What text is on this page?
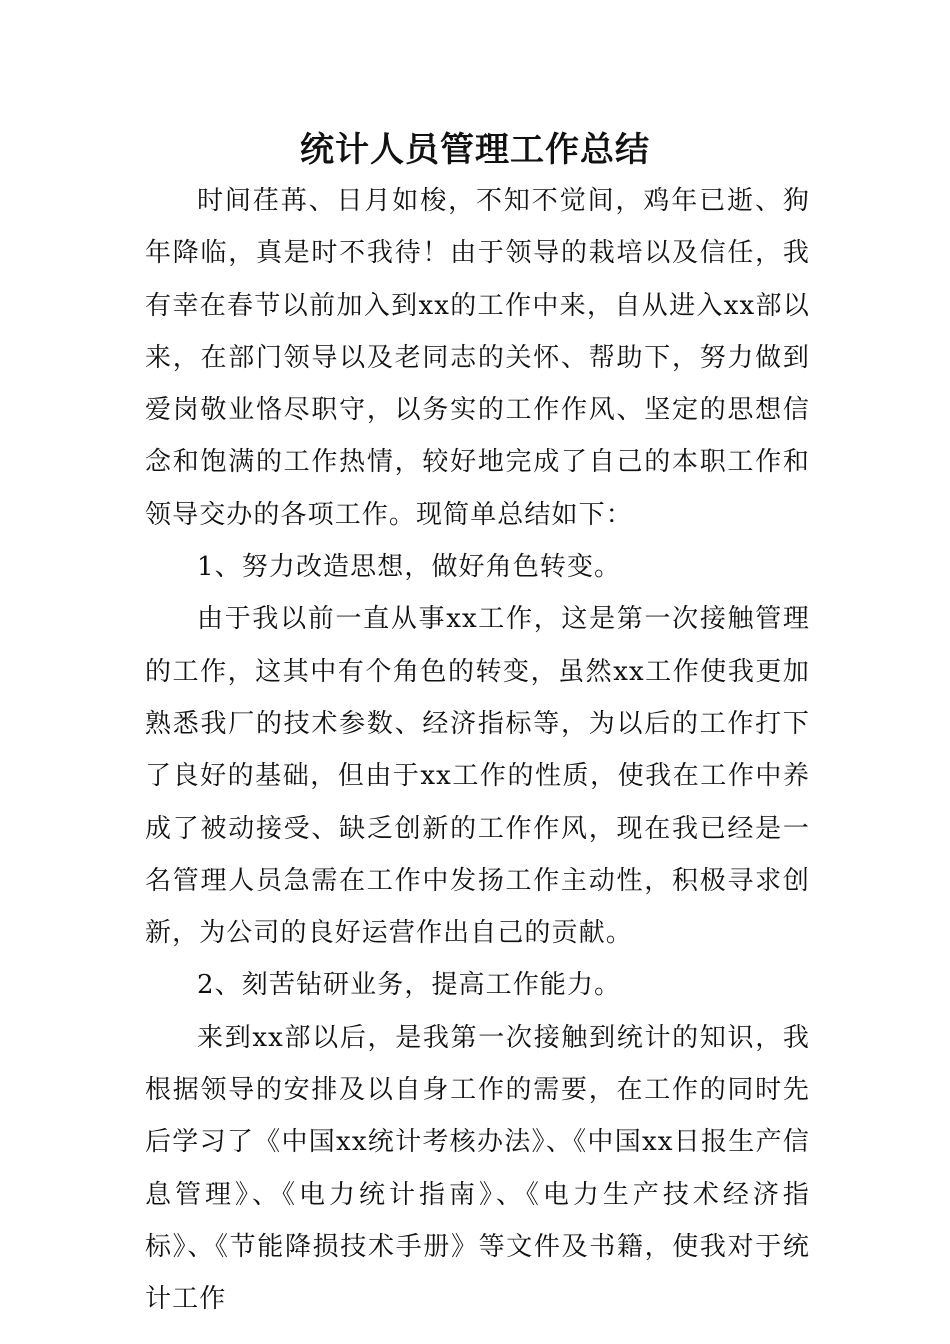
统计人员管理工作总结

时间荏苒、日月如梭，不知不觉间，鸡年已逝、狗年降临，真是时不我待！由于领导的栽培以及信任，我有幸在春节以前加入到xx的工作中来，自从进入xx部以来，在部门领导以及老同志的关怀、帮助下，努力做到爱岗敬业恪尽职守，以务实的工作作风、坚定的思想信念和饱满的工作热情，较好地完成了自己的本职工作和领导交办的各项工作。现简单总结如下：

1、努力改造思想，做好角色转变。

由于我以前一直从事xx工作，这是第一次接触管理的工作，这其中有个角色的转变，虽然xx工作使我更加熟悉我厂的技术参数、经济指标等，为以后的工作打下了良好的基础，但由于xx工作的性质，使我在工作中养成了被动接受、缺乏创新的工作作风，现在我已经是一名管理人员急需在工作中发扬工作主动性，积极寻求创新，为公司的良好运营作出自己的贡献。

2、刻苦钻研业务，提高工作能力。

来到xx部以后，是我第一次接触到统计的知识，我根据领导的安排及以自身工作的需要，在工作的同时先后学习了《中国xx统计考核办法》、《中国xx日报生产信息管理》、《电力统计指南》、《电力生产技术经济指标》、《节能降损技术手册》等文件及书籍，使我对于统计工作
